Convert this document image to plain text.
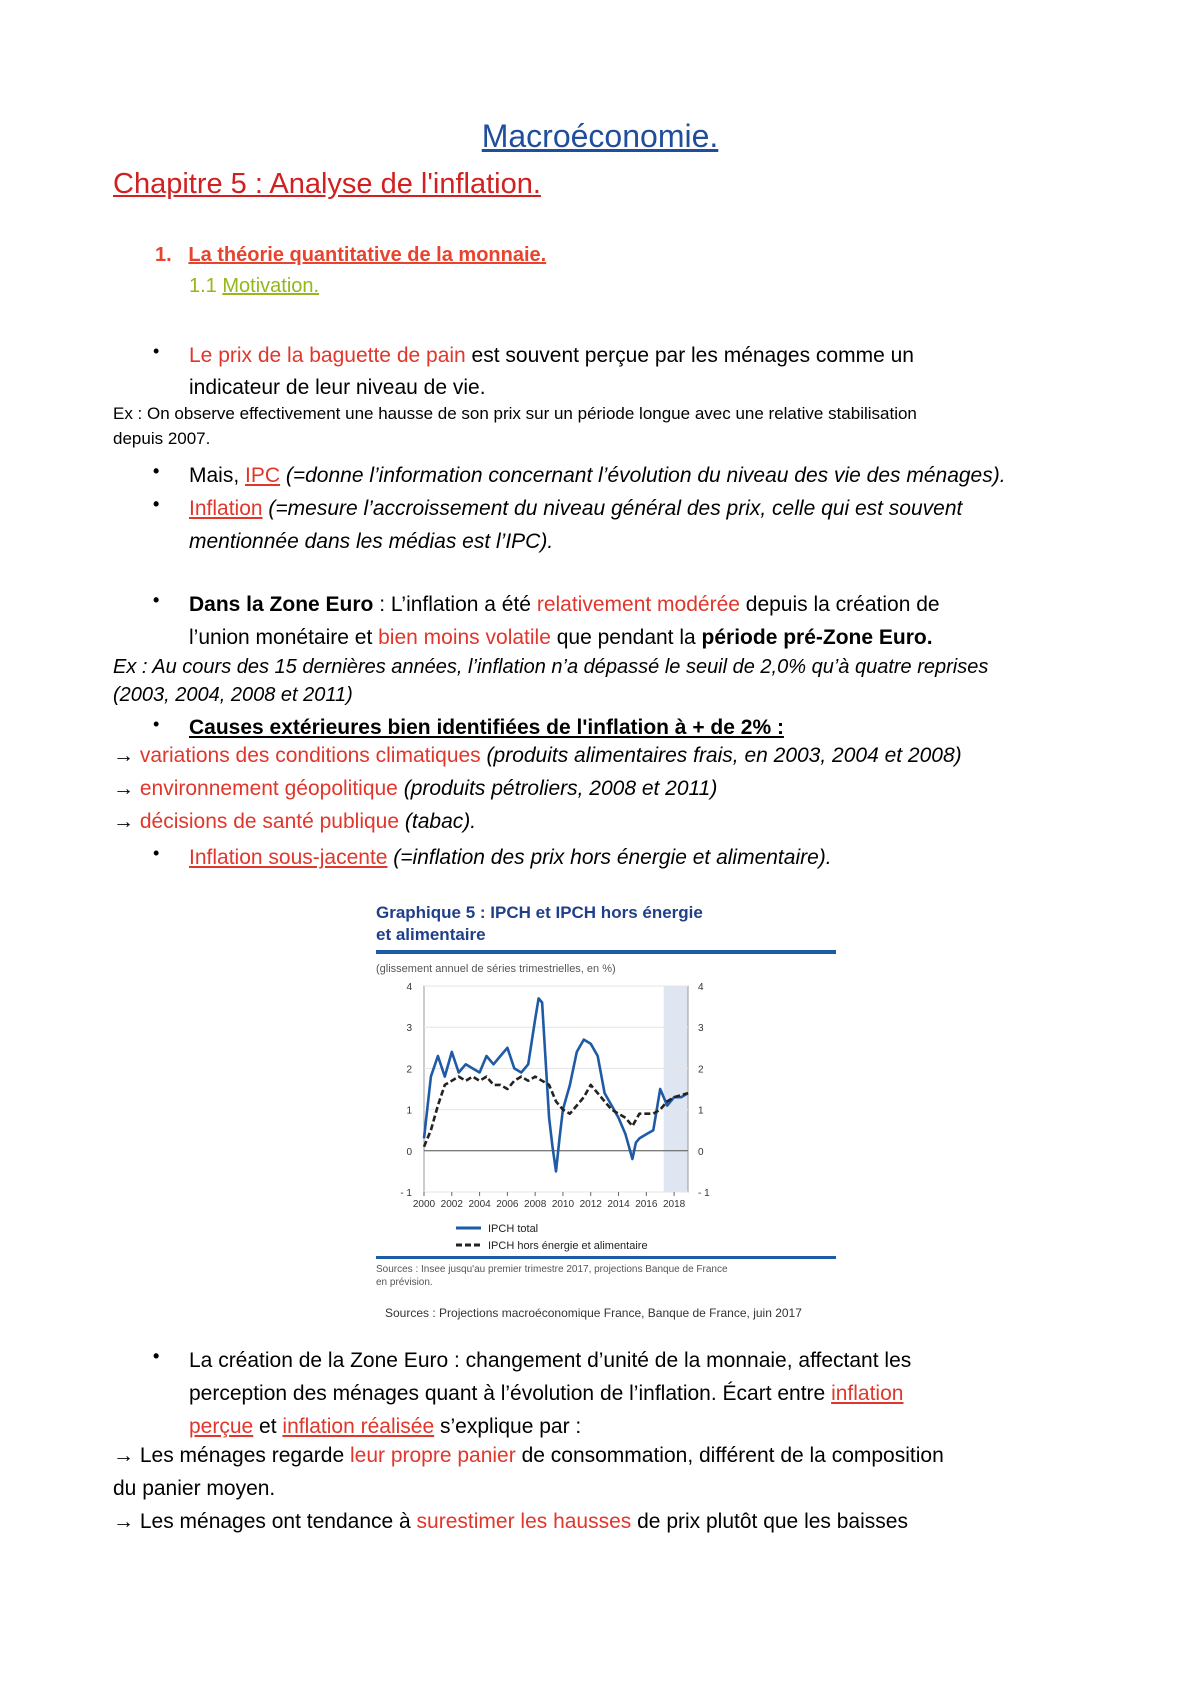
Macroéconomie.
Chapitre 5 : Analyse de l'inflation.
1. La théorie quantitative de la monnaie.
1.1 Motivation.
• Le prix de la baguette de pain est souvent perçue par les ménages comme un
indicateur de leur niveau de vie.
Ex : On observe effectivement une hausse de son prix sur un période longue avec une relative stabilisation
depuis 2007.
• Mais, IPC (=donne l’information concernant l’évolution du niveau des vie des ménages).
• Inflation (=mesure l’accroissement du niveau général des prix, celle qui est souvent
mentionnée dans les médias est l’IPC).
• Dans la Zone Euro : L’inflation a été relativement modérée depuis la création de
l’union monétaire et bien moins volatile que pendant la période pré-Zone Euro.
Ex : Au cours des 15 dernières années, l’inflation n’a dépassé le seuil de 2,0% qu’à quatre reprises
(2003, 2004, 2008 et 2011)
• Causes extérieures bien identifiées de l'inflation à + de 2% :
→ variations des conditions climatiques (produits alimentaires frais, en 2003, 2004 et 2008)
→ environnement géopolitique (produits pétroliers, 2008 et 2011)
→ décisions de santé publique (tabac).
• Inflation sous-jacente (=inflation des prix hors énergie et alimentaire).
Graphique 5 : IPCH et IPCH hors énergie
et alimentaire
(glissement annuel de séries trimestrielles, en %)
- 1	- 1
0	0
1	1
2	2
3	3
4	4
2000 2002 2004 2006 2008 2010 2012 2014 2016 2018
IPCH total
IPCH hors énergie et alimentaire
Sources : Insee jusqu'au premier trimestre 2017, projections Banque de France
en prévision.
Sources : Projections macroéconomique France, Banque de France, juin 2017
• La création de la Zone Euro : changement d’unité de la monnaie, affectant les
perception des ménages quant à l’évolution de l’inflation. Écart entre inflation
perçue et inflation réalisée s’explique par :
→ Les ménages regarde leur propre panier de consommation, différent de la composition
du panier moyen.
→ Les ménages ont tendance à surestimer les hausses de prix plutôt que les baisses
